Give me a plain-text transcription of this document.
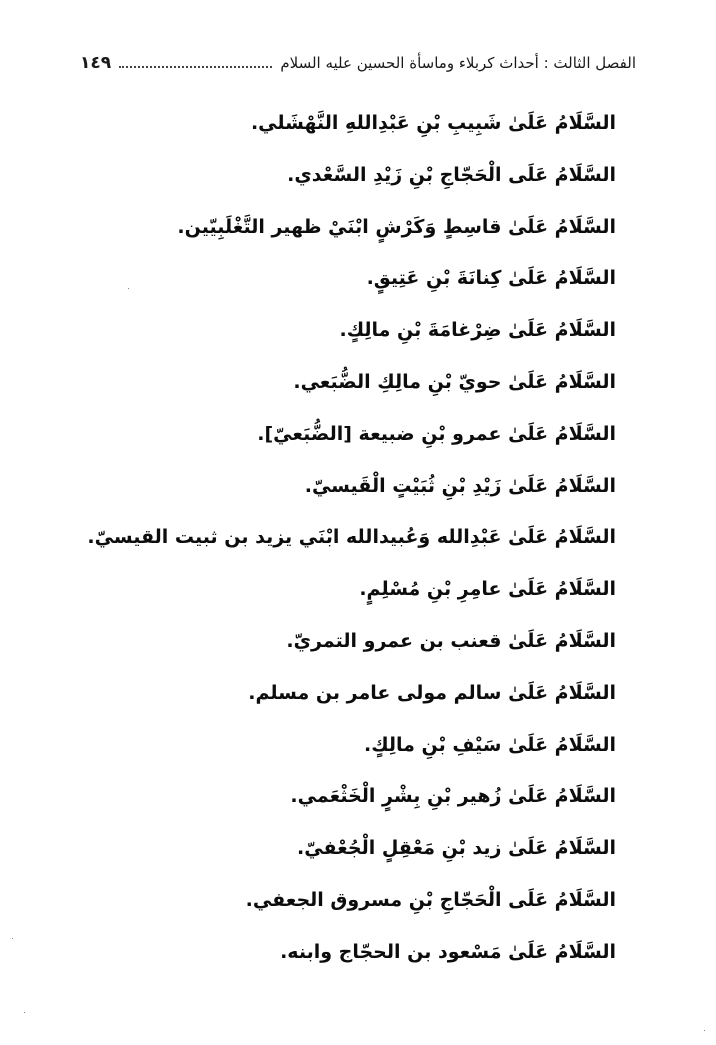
الفصل الثالث : أحداث كربلاء وماسأة الحسين عليه السلام
١٤٩
السَّلَامُ عَلَىٰ شَبِيبِ بْنِ عَبْدِاللهِ النَّهْشَلي.
السَّلَامُ عَلَى الْحَجّاجِ بْنِ زَيْدِ السَّعْدي.
السَّلَامُ عَلَىٰ قاسِطٍ وَكَرْشٍ ابْنَيْ ظهير التَّغْلَبِيّين.
السَّلَامُ عَلَىٰ كِنانَةَ بْنِ عَتِيقٍ.
السَّلَامُ عَلَىٰ ضِرْغامَةَ بْنِ مالِكٍ.
السَّلَامُ عَلَىٰ حويّ بْنِ مالِكِ الضُّبَعي.
السَّلَامُ عَلَىٰ عمرو بْنِ ضبيعة [الضُّبَعيّ].
السَّلَامُ عَلَىٰ زَيْدِ بْنِ ثُبَيْتٍ الْقَيسيّ.
السَّلَامُ عَلَىٰ عَبْدِالله وَعُبيدالله ابْنَي يزيد بن ثبيت القيسيّ.
السَّلَامُ عَلَىٰ عامِرِ بْنِ مُسْلِمٍ.
السَّلَامُ عَلَىٰ قعنب بن عمرو التمريّ.
السَّلَامُ عَلَىٰ سالم مولى عامر بن مسلم.
السَّلَامُ عَلَىٰ سَيْفِ بْنِ مالِكٍ.
السَّلَامُ عَلَىٰ زُهير بْنِ بِشْرٍ الْخَثْعَمي.
السَّلَامُ عَلَىٰ زيد بْنِ مَعْقِلٍ الْجُعْفيّ.
السَّلَامُ عَلَى الْحَجّاجِ بْنِ مسروق الجعفي.
السَّلَامُ عَلَىٰ مَسْعود بن الحجّاج وابنه.
